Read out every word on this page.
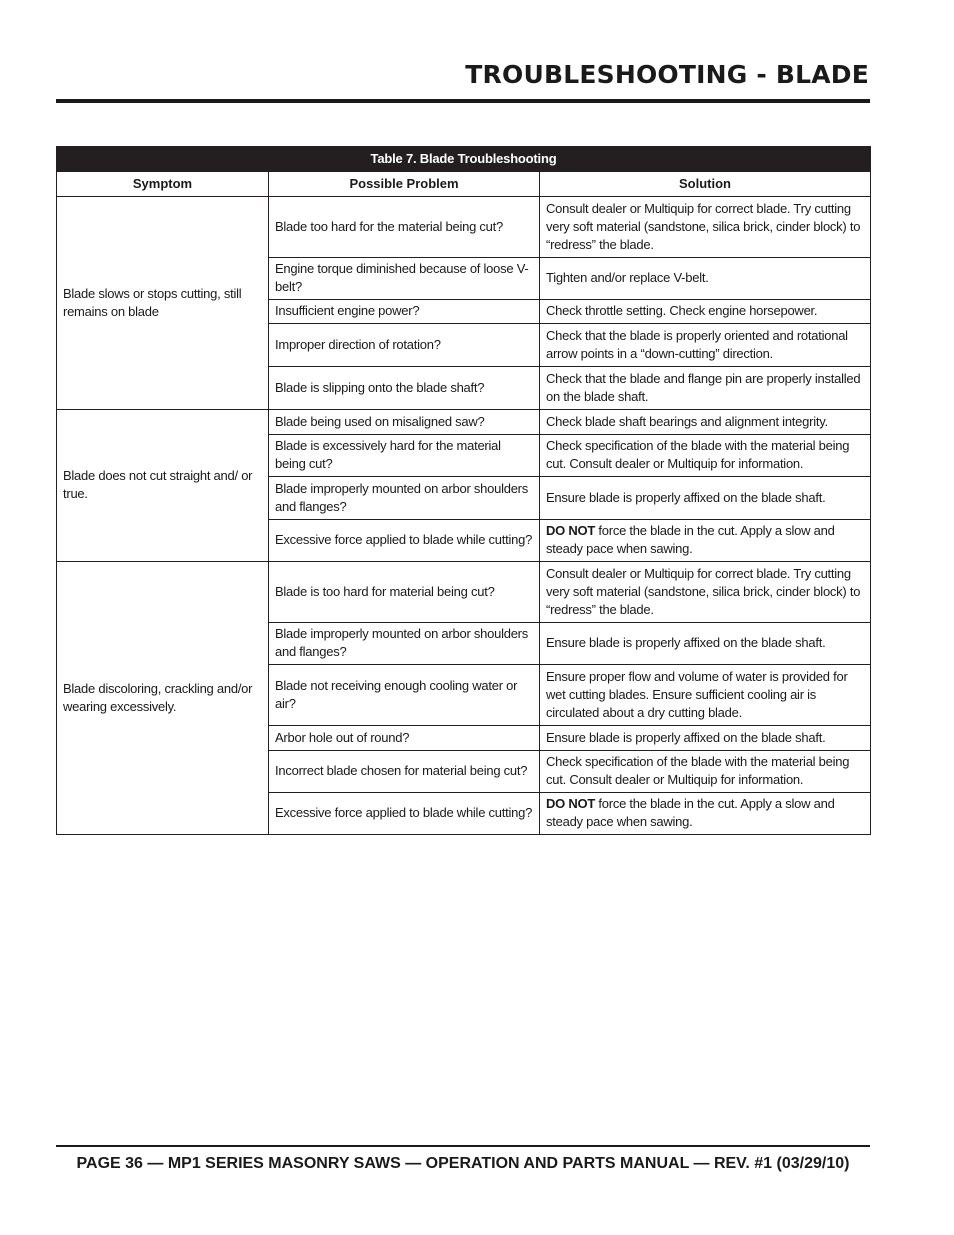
TROUBLESHOOTING - BLADE
Table 7. Blade Troubleshooting		
Symptom	Possible Problem	Solution
Blade slows or stops cutting, still remains on blade	Blade too hard for the material being cut?	Consult dealer or Multiquip for correct blade. Try cutting very soft material (sandstone, silica brick, cinder block) to “redress” the blade.
	Engine torque diminished because of loose V-belt?	Tighten and/or replace V-belt.
	Insufficient engine power?	Check throttle setting. Check engine horsepower.
	Improper direction of rotation?	Check that the blade is properly oriented and rotational arrow points in a “down-cutting” direction.
	Blade is slipping onto the blade shaft?	Check that the blade and flange pin are properly installed on the blade shaft.
Blade does not cut straight and/ or true.	Blade being used on misaligned saw?	Check blade shaft bearings and alignment integrity.
	Blade is excessively hard for the material being cut?	Check specification of the blade with the material being cut. Consult dealer or Multiquip for information.
	Blade improperly mounted on arbor shoulders and flanges?	Ensure blade is properly affixed on the blade shaft.
	Excessive force applied to blade while cutting?	DO NOT force the blade in the cut. Apply a slow and steady pace when sawing.
Blade discoloring, crackling and/or wearing excessively.	Blade is too hard for material being cut?	Consult dealer or Multiquip for correct blade. Try cutting very soft material (sandstone, silica brick, cinder block) to “redress” the blade.
	Blade improperly mounted on arbor shoulders and flanges?	Ensure blade is properly affixed on the blade shaft.
	Blade not receiving enough cooling water or air?	Ensure proper flow and volume of water is provided for wet cutting blades. Ensure sufficient cooling air is circulated about a dry cutting blade.
	Arbor hole out of round?	Ensure blade is properly affixed on the blade shaft.
	Incorrect blade chosen for material being cut?	Check specification of the blade with the material being cut. Consult dealer or Multiquip for information.
	Excessive force applied to blade while cutting?	DO NOT force the blade in the cut. Apply a slow and steady pace when sawing.
PAGE 36 — MP1 SERIES MASONRY SAWS — OPERATION AND PARTS MANUAL — REV. #1 (03/29/10)
